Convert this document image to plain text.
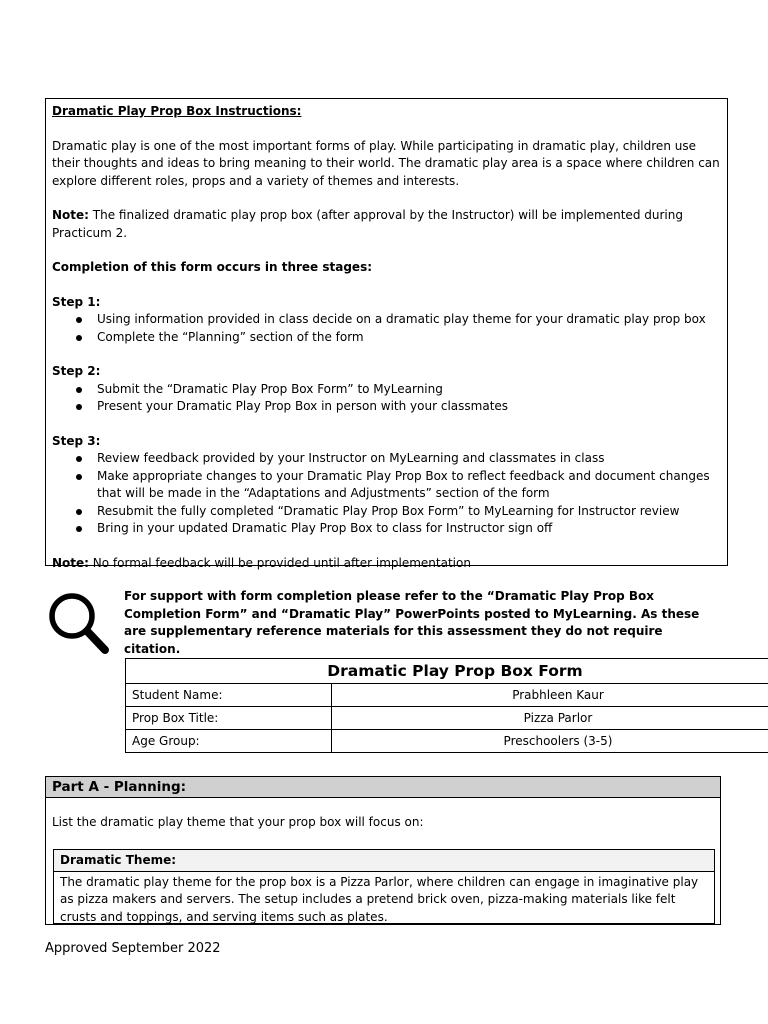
Dramatic Play Prop Box Instructions:

Dramatic play is one of the most important forms of play. While participating in dramatic play, children use their thoughts and ideas to bring meaning to their world. The dramatic play area is a space where children can explore different roles, props and a variety of themes and interests.

Note: The finalized dramatic play prop box (after approval by the Instructor) will be implemented during Practicum 2.

Completion of this form occurs in three stages:

Step 1:

Using information provided in class decide on a dramatic play theme for your dramatic play prop box
Complete the “Planning” section of the form

Step 2:

Submit the “Dramatic Play Prop Box Form” to MyLearning
Present your Dramatic Play Prop Box in person with your classmates

Step 3:

Review feedback provided by your Instructor on MyLearning and classmates in class
Make appropriate changes to your Dramatic Play Prop Box to reflect feedback and document changes that will be made in the “Adaptations and Adjustments” section of the form
Resubmit the fully completed “Dramatic Play Prop Box Form” to MyLearning for Instructor review
Bring in your updated Dramatic Play Prop Box to class for Instructor sign off

Note: No formal feedback will be provided until after implementation

For support with form completion please refer to the “Dramatic Play Prop Box Completion Form” and “Dramatic Play” PowerPoints posted to MyLearning. As these are supplementary reference materials for this assessment they do not require citation.
Dramatic Play Prop Box Form	
Student Name:	Prabhleen Kaur
Prop Box Title:	Pizza Parlor
Age Group:	Preschoolers (3-5)
Part A - Planning:
List the dramatic play theme that your prop box will focus on:
Dramatic Theme:
The dramatic play theme for the prop box is a Pizza Parlor, where children can engage in imaginative play as pizza makers and servers. The setup includes a pretend brick oven, pizza-making materials like felt crusts and toppings, and serving items such as plates.
Approved September 2022
